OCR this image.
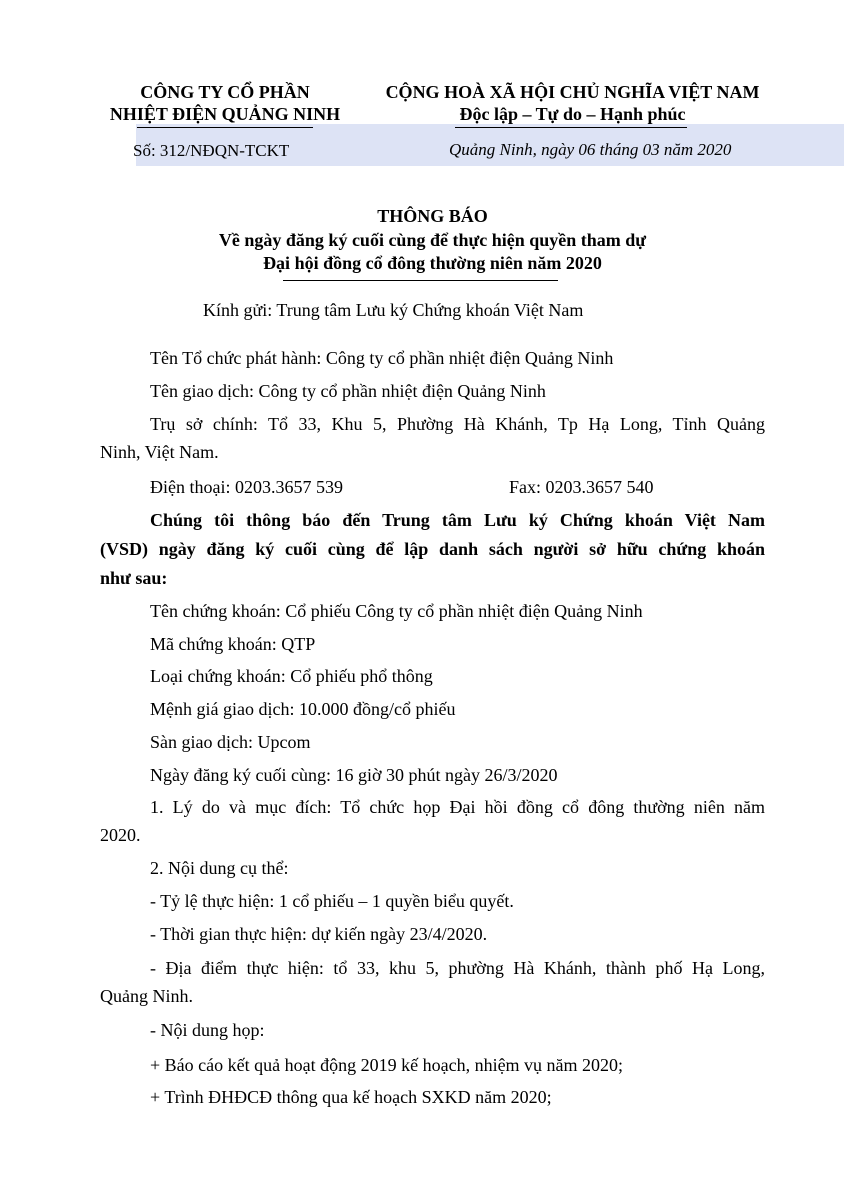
CÔNG TY CỔ PHẦN
NHIỆT ĐIỆN QUẢNG NINH
CỘNG HOÀ XÃ HỘI CHỦ NGHĨA VIỆT NAM
Độc lập – Tự do – Hạnh phúc
Số: 312/NĐQN-TCKT	Quảng Ninh, ngày 06 tháng 03 năm 2020
THÔNG BÁO
Về ngày đăng ký cuối cùng để thực hiện quyền tham dự
Đại hội đồng cổ đông thường niên năm 2020
Kính gửi: Trung tâm Lưu ký Chứng khoán Việt Nam
Tên Tổ chức phát hành: Công ty cổ phần nhiệt điện Quảng Ninh
Tên giao dịch: Công ty cổ phần nhiệt điện Quảng Ninh
Trụ sở chính: Tổ 33, Khu 5, Phường Hà Khánh, Tp Hạ Long, Tỉnh Quảng
Ninh, Việt Nam.
Điện thoại: 0203.3657 539	Fax: 0203.3657 540
Chúng tôi thông báo đến Trung tâm Lưu ký Chứng khoán Việt Nam
(VSD) ngày đăng ký cuối cùng để lập danh sách người sở hữu chứng khoán
như sau:
Tên chứng khoán: Cổ phiếu Công ty cổ phần nhiệt điện Quảng Ninh
Mã chứng khoán: QTP
Loại chứng khoán: Cổ phiếu phổ thông
Mệnh giá giao dịch: 10.000 đồng/cổ phiếu
Sàn giao dịch: Upcom
Ngày đăng ký cuối cùng: 16 giờ 30 phút ngày 26/3/2020
1. Lý do và mục đích: Tổ chức họp Đại hồi đồng cổ đông thường niên năm
2020.
2. Nội dung cụ thể:
- Tỷ lệ thực hiện: 1 cổ phiếu – 1 quyền biểu quyết.
- Thời gian thực hiện: dự kiến ngày 23/4/2020.
- Địa điểm thực hiện: tổ 33, khu 5, phường Hà Khánh, thành phố Hạ Long,
Quảng Ninh.
- Nội dung họp:
+ Báo cáo kết quả hoạt động 2019 kế hoạch, nhiệm vụ năm 2020;
+ Trình ĐHĐCĐ thông qua kế hoạch SXKD năm 2020;
